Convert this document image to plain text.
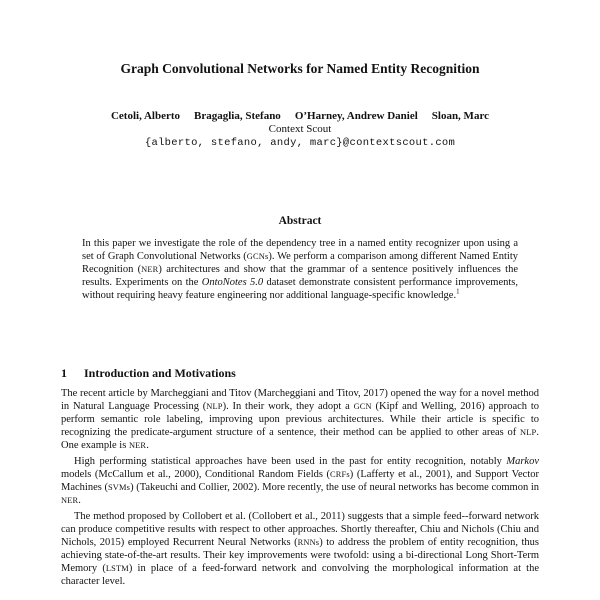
Graph Convolutional Networks for Named Entity Recognition
Cetoli, Alberto Bragaglia, Stefano O’Harney, Andrew Daniel Sloan, Marc
Context Scout
{alberto, stefano, andy, marc}@contextscout.com
Abstract

In this paper we investigate the role of the dependency tree in a named entity recognizer upon using a set of Graph Convolutional Networks (GCNs). We perform a comparison among different Named Entity Recognition (NER) architectures and show that the grammar of a sentence positively influences the results. Experiments on the OntoNotes 5.0 dataset demonstrate consistent performance improvements, without requiring heavy feature engineering nor additional language-specific knowledge.$^1$

1 Introduction and Motivations

The recent article by Marcheggiani and Titov (Marcheggiani and Titov, 2017) opened the way for a novel method in Natural Language Processing (NLP). In their work, they adopt a GCN (Kipf and Welling, 2016) approach to perform semantic role labeling, improving upon previous architectures. While their article is specific to recognizing the predicate-argument structure of a sentence, their method can be applied to other areas of NLP. One example is NER.

High performing statistical approaches have been used in the past for entity recognition, notably Markov models (McCallum et al., 2000), Conditional Random Fields (CRFs) (Lafferty et al., 2001), and Support Vector Machines (SVMs) (Takeuchi and Collier, 2002). More recently, the use of neural networks has become common in NER.

The method proposed by Collobert et al. (Collobert et al., 2011) suggests that a simple feed--forward network can produce competitive results with respect to other approaches. Shortly thereafter, Chiu and Nichols (Chiu and Nichols, 2015) employed Recurrent Neural Networks (RNNs) to address the problem of entity recognition, thus achieving state-of-the-art results. Their key improvements were twofold: using a bi-directional Long Short-Term Memory (LSTM) in place of a feed-forward network and convolving the morphological information at the character level.
